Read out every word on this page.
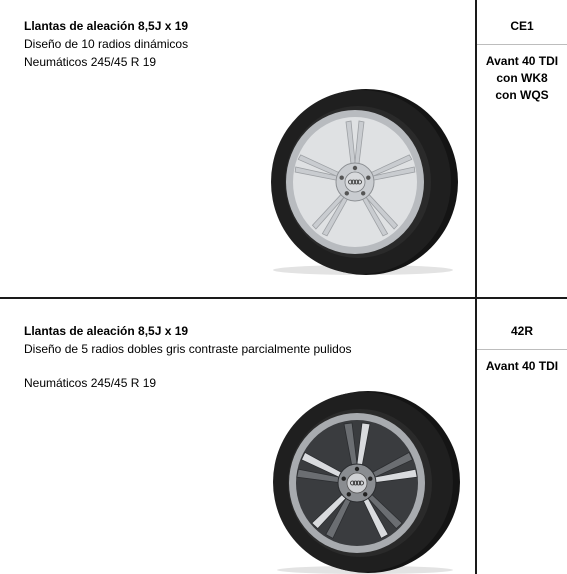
Llantas de aleación 8,5J x 19
Diseño de 10 radios dinámicos
Neumáticos 245/45 R 19
CE1
Avant 40 TDI
con WK8
con WQS
Llantas de aleación 8,5J x 19
Diseño de 5 radios dobles gris contraste parcialmente pulidos
Neumáticos 245/45 R 19
42R
Avant 40 TDI
